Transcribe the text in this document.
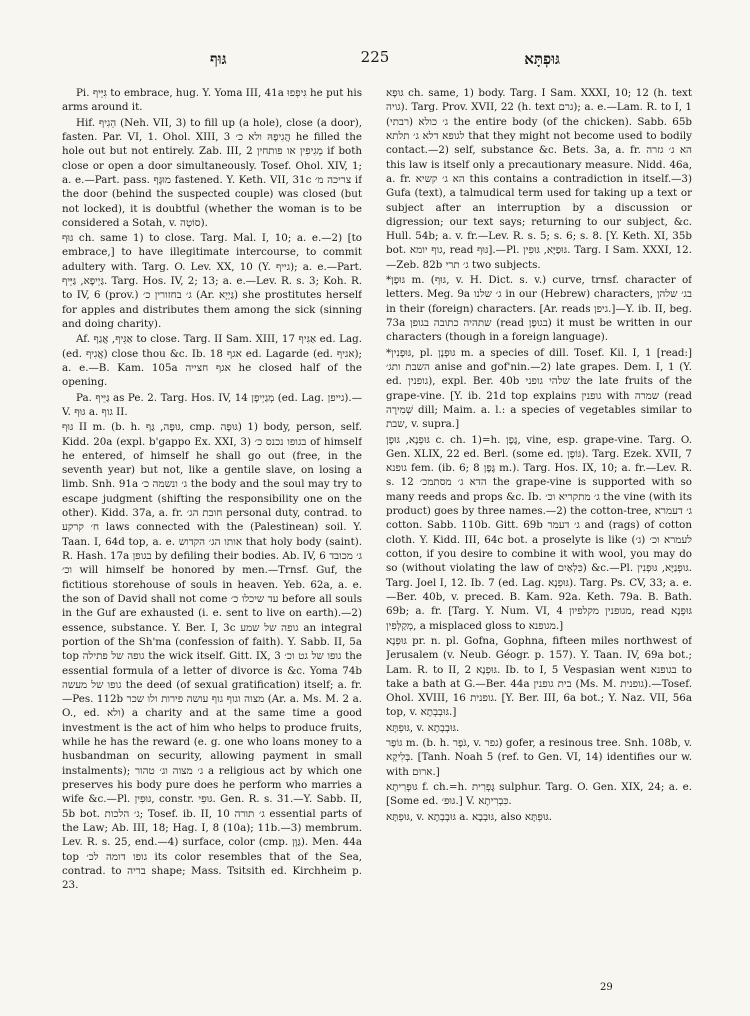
גּוּף	225	גּוּפְתָּא

Pi. גִּיֵּיף to embrace, hug. Y. Yoma III, 41a גִּיפְפוּ he put his arms around it.

Hif. הֵגִיף (Neh. VII, 3) to fill up (a hole), close (a door), fasten. Par. VI, 1. Ohol. XIII, 3 הֲגִיפָהּ ולא כ׳ he filled the hole out but not entirely. Zab. III, 2 מְגִיפִין או פותחין if both close or open a door simultaneously. Tosef. Ohol. XIV, 1; a. e.—Part. pass. מוּגָּף fastened. Y. Keth. VII, 31c צריכה מ׳ if the door (behind the suspected couple) was closed (but not locked), it is doubtful (whether the woman is to be considered a Sotah, v. סוֹטָה).

גּוּף ch. same 1) to close. Targ. Mal. I, 10; a. e.—2) [to embrace,] to have illegitimate intercourse, to commit adultery with. Targ. O. Lev. XX, 10 (Y. גייף); a. e.—Part. גַּיְיפָא, גַּיֵּיף. Targ. Hos. IV, 2; 13; a. e.—Lev. R. s. 3; Koh. R. to IV, 6 (prov.) ג׳ בחזורין כ׳ (Ar. גַּיְיָא) she prostitutes herself for apples and distributes them among the sick (sinning and doing charity).

Af. אַגֵּיף, אֲגַף to close. Targ. II Sam. XIII, 17 אַגִּיף ed. Lag. (ed. אֲגִיף) close thou &c. Ib. 18 אגף ed. Lagarde (ed. אגיף); a. e.—B. Kam. 105a אגף חצייה he closed half of the opening.

Pa. גַּיֵּיף as Pe. 2. Targ. Hos. IV, 14 מְגַיְיפָן (ed. Lag. גייפן).—V. גּוּף a. גוף II.

גּוּף II m. (b. h. גּוּפָה, גַּף, cmp. גּוּפָה) 1) body, person, self. Kidd. 20a (expl. b'gappo Ex. XXI, 3) בגופו נכנס כ׳ of himself he entered, of himself he shall go out (free, in the seventh year) but not, like a gentile slave, on losing a limb. Snh. 91a ג׳ ונשמה כ׳ the body and the soul may try to escape judgment (shifting the responsibility one on the other). Kidd. 37a, a. fr. חובת הג׳ personal duty, contrad. to ח׳ קרקע laws connected with the (Palestinean) soil. Y. Taan. I, 64d top, a. e. אותו הג׳ הקדוש that holy body (saint). R. Hash. 17a בגופן by defiling their bodies. Ab. IV, 6 ג׳ מכובד וכ׳ will himself be honored by men.—Trnsf. Guf, the fictitious storehouse of souls in heaven. Yeb. 62a, a. e. the son of David shall not come עד שיכלו כ׳ before all souls in the Guf are exhausted (i. e. sent to live on earth).—2) essence, substance. Y. Ber. I, 3c גופה של שמע an integral portion of the Sh'ma (confession of faith). Y. Sabb. II, 5a top גופה של פתילה the wick itself. Gitt. IX, 3 גופו של גט וכ׳ the essential formula of a letter of divorce is &c. Yoma 74b גופו של מעשה the deed (of sexual gratification) itself; a. fr.—Pes. 112b מצוה וגוף גוף עושה פירות ולו שכר (Ar. a. Ms. M. 2 a. O., ed. ולא) a charity and at the same time a good investment is the act of him who helps to produce fruits, while he has the reward (e. g. one who loans money to a husbandman on security, allowing payment in small instalments); ג׳ מצוה וג׳ טהור a religious act by which one preserves his body pure does he perform who marries a wife &c.—Pl. גּוּפִין, constr. גּוּפֵי. Gen. R. s. 31.—Y. Sabb. II, 5b bot. ג׳ הלכות; Tosef. ib. II, 10 ג׳ תורה essential parts of the Law; Ab. III, 18; Hag. I, 8 (10a); 11b.—3) membrum. Lev. R. s. 25, end.—4) surface, color (cmp. גַּוָּן). Men. 44a top גופו דומה לכ׳ its color resembles that of the Sea, contrad. to בריה shape; Mass. Tsitsith ed. Kirchheim p. 23.

גּוּפָא ch. same, 1) body. Targ. I Sam. XXXI, 10; 12 (h. text גויה). Targ. Prov. XVII, 22 (h. text גרם); a. e.—Lam. R. to I, 1 (רבתי) ג׳ כולא the entire body (of the chicken). Sabb. 65b לגופא דלא ג׳ תלתא that they might not become used to bodily contact.—2) self, substance &c. Bets. 3a, a. fr. הא ג׳ גזרה this law is itself only a precautionary measure. Nidd. 46a, a. fr. הא ג׳ קשיא this contains a contradiction in itself.—3) Gufa (text), a talmudical term used for taking up a text or subject after an interruption by a discussion or digression; our text says; returning to our subject, &c. Hull. 54b; a. v. fr.—Lev. R. s. 5; s. 6; s. 8. [Y. Keth. XI, 35b bot. גוף יומא, read גּוּף].—Pl. גּוּפַיָּא, גּוּפִין. Targ. I Sam. XXXI, 12.—Zeb. 82b ג׳ תרי two subjects.

*גּוּפָן m. (גּוּף, v. H. Dict. s. v.) curve, trnsf. character of letters. Meg. 9a ג׳ שלנו in our (Hebrew) characters, בג׳ שלהן in their (foreign) characters. [Ar. reads גיפן.]—Y. ib. II, beg. 73a שתהיה כתובה בגופן (read בגוּפָן) it must be written in our characters (though in a foreign language).

*גּוּפָנִין, pl. גּוּפְנָן m. a species of dill. Tosef. Kil. I, 1 [read:] השבת ותג׳ anise and gof'nin.—2) late grapes. Dem. I, 1 (Y. ed. גופנין), expl. Ber. 40b שלהי גופני the late fruits of the grape-vine. [Y. ib. 21d top explains גופנין with שמרה (read שְׁמִירָה dill; Maim. a. l.: a species of vegetables similar to שבת, v. supra.]

גּוּפְנָא, גּוּפָן c. ch. 1)=h. גֶּפֶן, vine, esp. grape-vine. Targ. O. Gen. XLIX, 22 ed. Berl. (some ed. גּוֹפֶן). Targ. Ezek. XVII, 7 גופנא fem. (ib. 6; 8 גֶּפֶן m.). Targ. Hos. IX, 10; a. fr.—Lev. R. s. 12 הדא ג׳ מסתמכ׳ the grape-vine is supported with so many reeds and props &c. Ib. ג׳ מתקריא וכ׳ the vine (with its product) goes by three names.—2) the cotton-tree, ג׳ דעמרא cotton. Sabb. 110b. Gitt. 69b ג׳ דעמר and (rags) of cotton cloth. Y. Kidd. III, 64c bot. a proselyte is like לעמרא וכ׳ (ג׳) cotton, if you desire to combine it with wool, you may do so (without violating the law of כִּלְאַיִם) &c.—Pl. גּוּפְנַיָּא, גּוּפְנִין. Targ. Joel I, 12. Ib. 7 (ed. Lag. גּוּפְנָא). Targ. Ps. CV, 33; a. e.—Ber. 40b, v. preced. B. Kam. 92a. Keth. 79a. B. Bath. 69b; a. fr. [Targ. Y. Num. VI, 4 מגופנין מקלפיון, read גּוּפְנָא מְקַלְּפִין, a misplaced gloss to מגופנא.]

גּוּפְנָא pr. n. pl. Gofna, Gophna, fifteen miles northwest of Jerusalem (v. Neub. Géogr. p. 157). Y. Taan. IV, 69a bot.; Lam. R. to II, 2 גּוּפְנָא. Ib. to I, 5 Vespasian went בגופנא to take a bath at G.—Ber. 44a בית גופנין (Ms. M. גופנית).—Tosef. Ohol. XVIII, 16 גופנית. [Y. Ber. III, 6a bot.; Y. Naz. VII, 56a top, v. גּוּבְבְתָא.]

גּוּפְתָּא, v. גּוּבְבְתָא.

גּוֹפֶר m. (b. h. גֹּפֶר, v. גפר) gofer, a resinous tree. Snh. 108b, v. בְּלִיקָא. [Tanh. Noah 5 (ref. to Gen. VI, 14) identifies our w. with ארוּם.]

גּוּפְרִיתָא f. ch.=h. גָּפְרִית sulphur. Targ. O. Gen. XIX, 24; a. e. [Some ed. גּוּפ׳.] V. כִּבְרִיתָא.

גּוּפְתָּא, v. גּוּבְבְתָא a. גּוּבְבָא, also גּוּפְתָּא.

29
